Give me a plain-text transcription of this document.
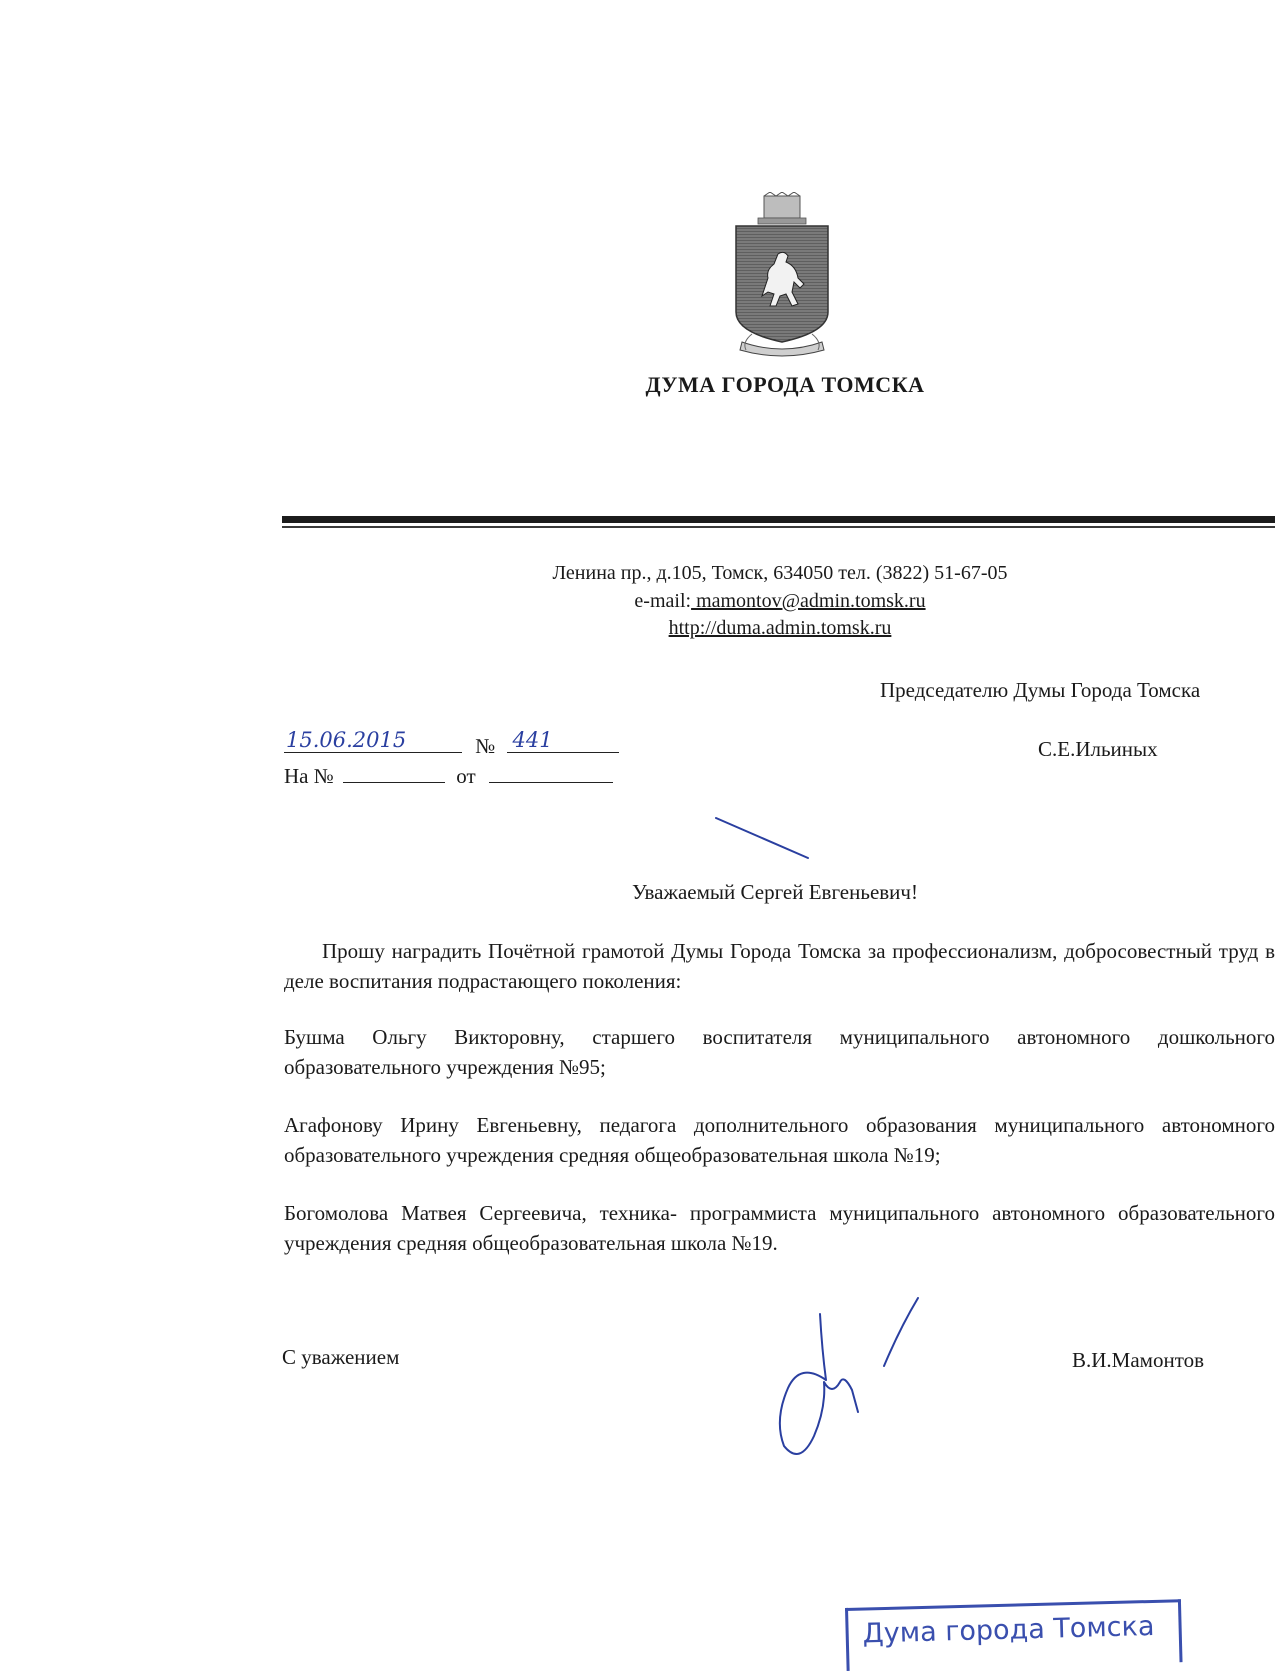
ДУМА ГОРОДА ТОМСКА
Ленина пр., д.105, Томск, 634050 тел. (3822) 51-67-05
e-mail: mamontov@admin.tomsk.ru
http://duma.admin.tomsk.ru
Председателю Думы Города Томска
С.Е.Ильиных
15.06.2015	№ 441
На №	от
Уважаемый Сергей Евгеньевич!
Прошу наградить Почётной грамотой Думы Города Томска за профессионализм, добросовестный труд в деле воспитания подрастающего поколения:
Бушма Ольгу Викторовну, старшего воспитателя муниципального автономного дошкольного образовательного учреждения №95;
Агафонову Ирину Евгеньевну, педагога дополнительного образования муниципального автономного образовательного учреждения средняя общеобразовательная школа №19;
Богомолова Матвея Сергеевича, техника- программиста муниципального автономного образовательного учреждения средняя общеобразовательная школа №19.
С уважением	В.И.Мамонтов
Дума города Томска
